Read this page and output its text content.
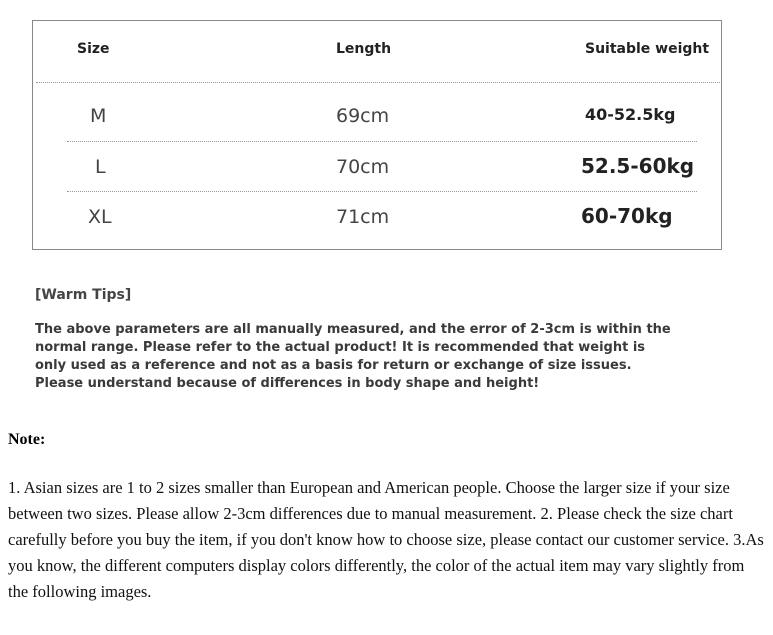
Size	Length	Suitable weight
M	69cm	40-52.5kg
L	70cm	52.5-60kg
XL	71cm	60-70kg
[Warm Tips]
The above parameters are all manually measured, and the error of 2-3cm is within the normal range. Please refer to the actual product! It is recommended that weight is only used as a reference and not as a basis for return or exchange of size issues. Please understand because of differences in body shape and height!
Note:
1. Asian sizes are 1 to 2 sizes smaller than European and American people. Choose the larger size if your size between two sizes. Please allow 2-3cm differences due to manual measurement. 2. Please check the size chart carefully before you buy the item, if you don't know how to choose size, please contact our customer service. 3.As you know, the different computers display colors differently, the color of the actual item may vary slightly from the following images.
